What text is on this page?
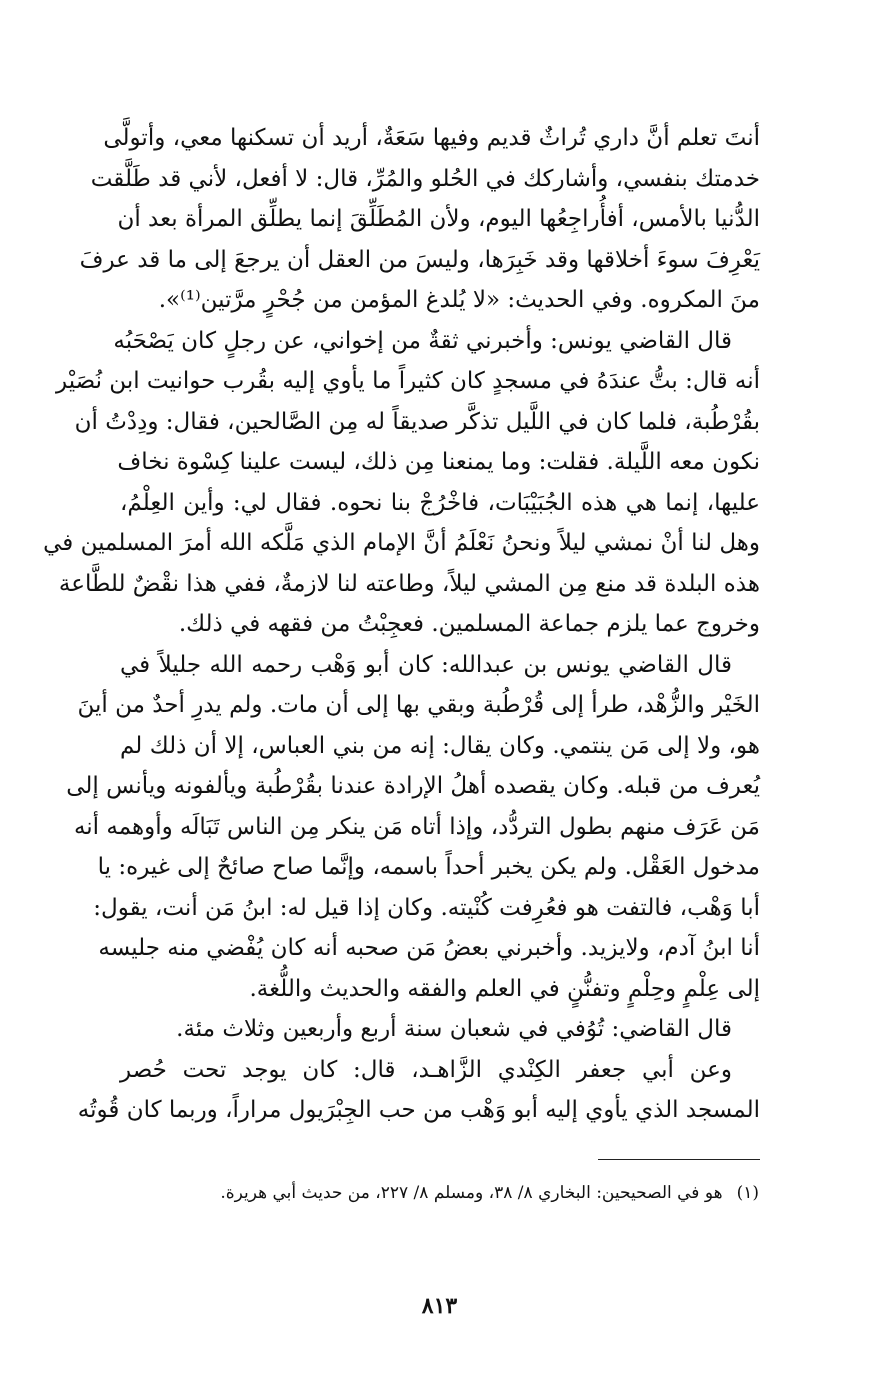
أنتَ تعلم أنَّ داري تُراثٌ قديم وفيها سَعَةٌ، أريد أن تسكنها معي، وأتولَّى
خدمتك بنفسي، وأشاركك في الحُلو والمُرِّ، قال: لا أفعل، لأني قد طَلَّقت
الدُّنيا بالأمس، أفأُراجِعُها اليوم، ولأن المُطَلِّقَ إنما يطلِّق المرأة بعد أن
يَعْرِفَ سوءَ أخلاقها وقد خَبِرَها، وليسَ من العقل أن يرجعَ إلى ما قد عرفَ
منَ المكروه. وفي الحديث: «لا يُلدغ المؤمن من جُحْرٍ مرَّتين⁽¹⁾».
قال القاضي يونس: وأخبرني ثقةٌ من إخواني، عن رجلٍ كان يَصْحَبُه
أنه قال: بتُّ عندَهُ في مسجدٍ كان كثيراً ما يأوي إليه بقُرب حوانيت ابن نُصَيْر
بقُرْطُبة، فلما كان في اللَّيل تذكَّر صديقاً له مِن الصَّالحين، فقال: ودِدْتُ أن
نكون معه اللَّيلة. فقلت: وما يمنعنا مِن ذلك، ليست علينا كِسْوة نخاف
عليها، إنما هي هذه الجُبَيْبَات، فاخْرُجْ بنا نحوه. فقال لي: وأين العِلْمُ،
وهل لنا أنْ نمشي ليلاً ونحنُ نَعْلَمُ أنَّ الإمام الذي مَلَّكه الله أمرَ المسلمين في
هذه البلدة قد منع مِن المشي ليلاً، وطاعته لنا لازمةٌ، ففي هذا نقْضٌ للطَّاعة
وخروج عما يلزم جماعة المسلمين. فعجِبْتُ من فقهه في ذلك.
قال القاضي يونس بن عبدالله: كان أبو وَهْب رحمه الله جليلاً في
الخَيْر والزُّهْد، طرأ إلى قُرْطُبة وبقي بها إلى أن مات. ولم يدرِ أحدٌ من أينَ
هو، ولا إلى مَن ينتمي. وكان يقال: إنه من بني العباس، إلا أن ذلك لم
يُعرف من قبله. وكان يقصده أهلُ الإرادة عندنا بقُرْطُبة ويألفونه ويأنس إلى
مَن عَرَف منهم بطول التردُّد، وإذا أتاه مَن ينكر مِن الناس تَبَالَه وأوهمه أنه
مدخول العَقْل. ولم يكن يخبر أحداً باسمه، وإنَّما صاح صائحٌ إلى غيره: يا
أبا وَهْب، فالتفت هو فعُرِفت كُنْيته. وكان إذا قيل له: ابنُ مَن أنت، يقول:
أنا ابنُ آدم، ولايزيد. وأخبرني بعضُ مَن صحبه أنه كان يُفْضي منه جليسه
إلى عِلْمٍ وحِلْمٍ وتفنُّنٍ في العلم والفقه والحديث واللُّغة.
قال القاضي: تُوُفي في شعبان سنة أربع وأربعين وثلاث مئة.
وعن أبي جعفر الكِنْدي الزَّاهـد، قال: كان يوجد تحت حُصر
المسجد الذي يأوي إليه أبو وَهْب من حب الجِبْرَيول مراراً، وربما كان قُوتُه
(١)هو في الصحيحين: البخاري ٨/ ٣٨، ومسلم ٨/ ٢٢٧، من حديث أبي هريرة.
٨١٣
